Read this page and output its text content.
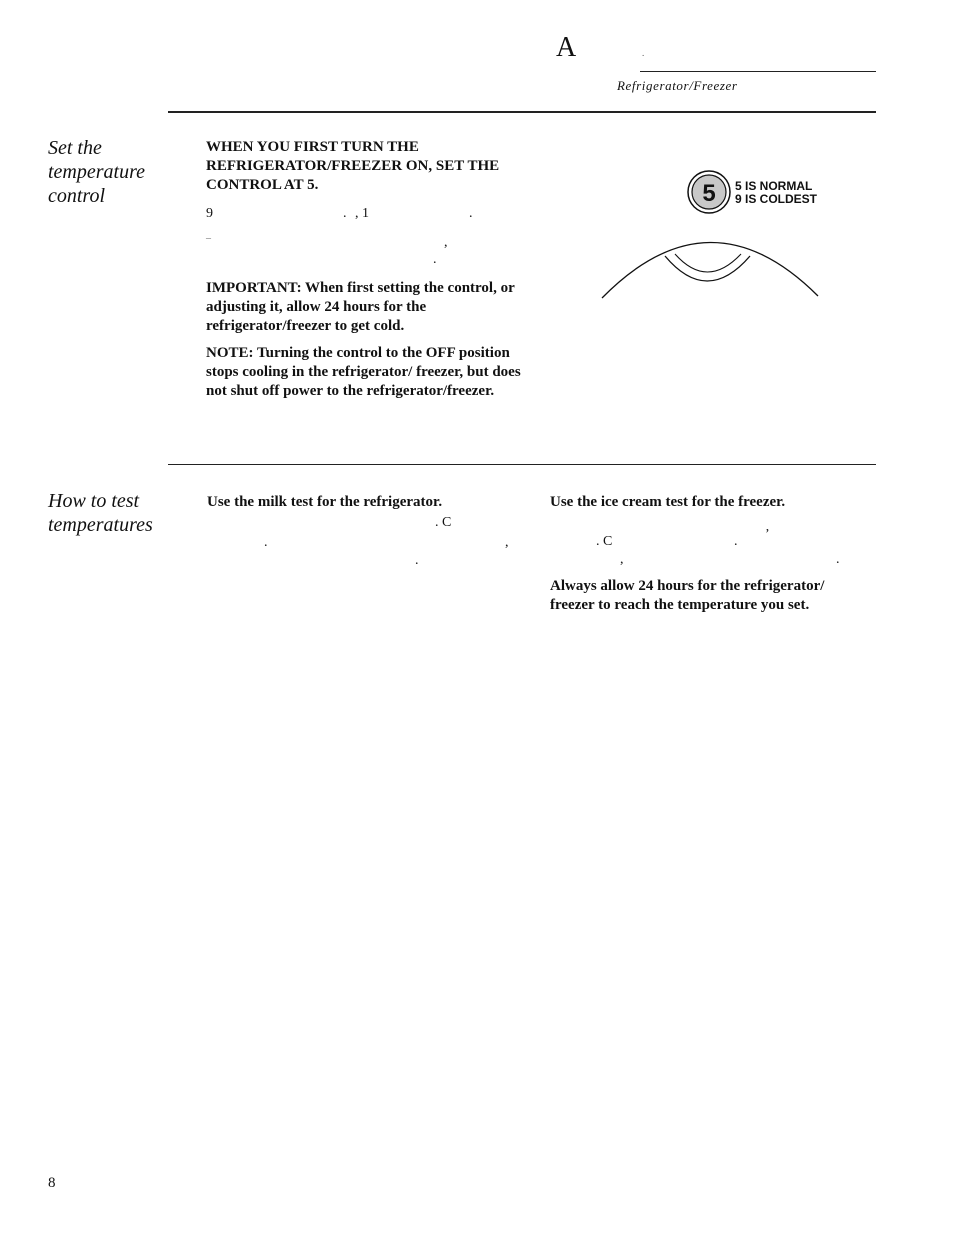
A	.
Refrigerator/Freezer
Set the temperature control
WHEN YOU FIRST TURN THE REFRIGERATOR/FREEZER ON, SET THE CONTROL AT 5.
9	. , 1	.
_
,
.
IMPORTANT: When first setting the control, or adjusting it, allow 24 hours for the refrigerator/freezer to get cold.
NOTE: Turning the control to the OFF position stops cooling in the refrigerator/ freezer, but does not shut off power to the refrigerator/freezer.
5 5 IS NORMAL
9 IS COLDEST
How to test temperatures
Use the milk test for the refrigerator.
. C
.	,
.
Use the ice cream test for the freezer.
. C	. ’
,	.
Always allow 24 hours for the refrigerator/ freezer to reach the temperature you set.
8
